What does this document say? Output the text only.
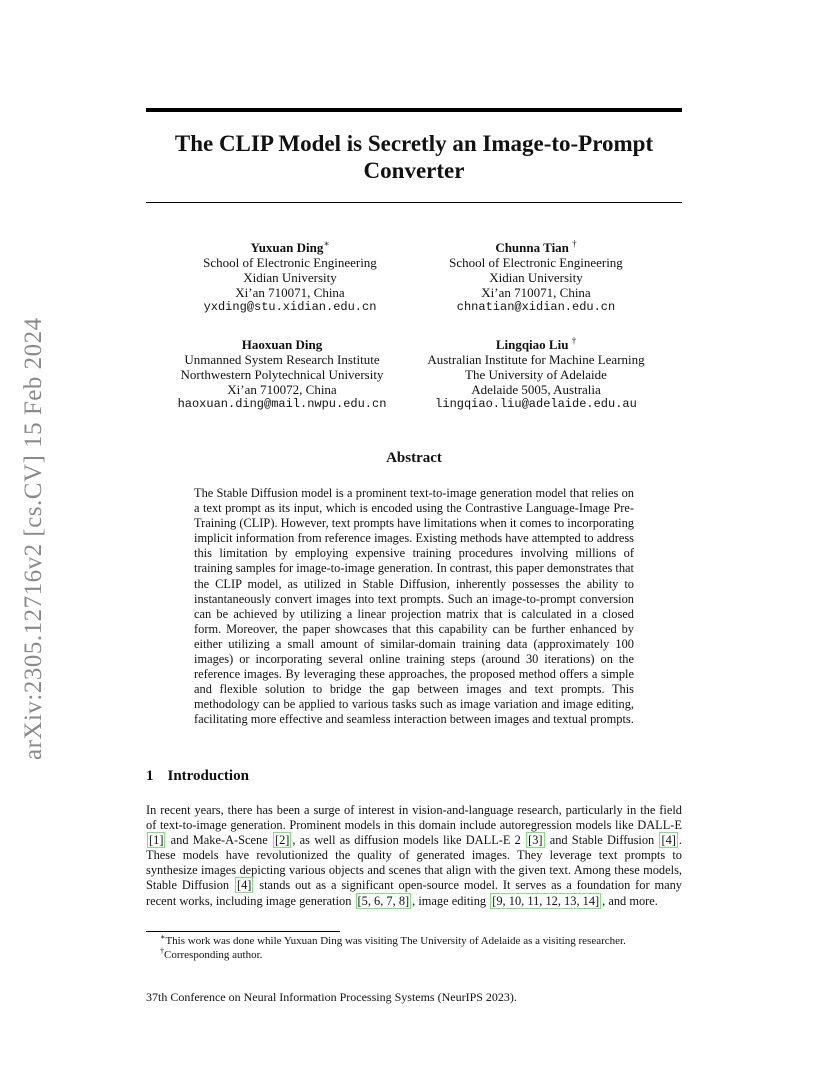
arXiv:2305.12716v2 [cs.CV] 15 Feb 2024
The CLIP Model is Secretly an Image-to-Prompt Converter
Yuxuan Ding∗
School of Electronic Engineering
Xidian University
Xi’an 710071, China
yxding@stu.xidian.edu.cn
Chunna Tian †
School of Electronic Engineering
Xidian University
Xi’an 710071, China
chnatian@xidian.edu.cn
Haoxuan Ding
Unmanned System Research Institute
Northwestern Polytechnical University
Xi’an 710072, China
haoxuan.ding@mail.nwpu.edu.cn
Lingqiao Liu †
Australian Institute for Machine Learning
The University of Adelaide
Adelaide 5005, Australia
lingqiao.liu@adelaide.edu.au
Abstract

The Stable Diffusion model is a prominent text-to-image generation model that relies on a text prompt as its input, which is encoded using the Contrastive Language-Image Pre-Training (CLIP). However, text prompts have limitations when it comes to incorporating implicit information from reference images. Existing methods have attempted to address this limitation by employing expensive training procedures involving millions of training samples for image-to-image generation. In contrast, this paper demonstrates that the CLIP model, as utilized in Stable Diffusion, inherently possesses the ability to instantaneously convert images into text prompts. Such an image-to-prompt conversion can be achieved by utilizing a linear projection matrix that is calculated in a closed form. Moreover, the paper showcases that this capability can be further enhanced by either utilizing a small amount of similar-domain training data (approximately 100 images) or incorporating several online training steps (around 30 iterations) on the reference images. By leveraging these approaches, the proposed method offers a simple and flexible solution to bridge the gap between images and text prompts. This methodology can be applied to various tasks such as image variation and image editing, facilitating more effective and seamless interaction between images and textual prompts.

1 Introduction

In recent years, there has been a surge of interest in vision-and-language research, particularly in the field of text-to-image generation. Prominent models in this domain include autoregression models like DALL-E [1] and Make-A-Scene [2] , as well as diffusion models like DALL-E 2 [3] and Stable Diffusion [4] . These models have revolutionized the quality of generated images. They leverage text prompts to synthesize images depicting various objects and scenes that align with the given text. Among these models, Stable Diffusion [4] stands out as a significant open-source model. It serves as a foundation for many recent works, including image generation [5, 6, 7, 8] , image editing [9, 10, 11, 12, 13, 14] , and more.

∗This work was done while Yuxuan Ding was visiting The University of Adelaide as a visiting researcher.
†Corresponding author.
37th Conference on Neural Information Processing Systems (NeurIPS 2023).
